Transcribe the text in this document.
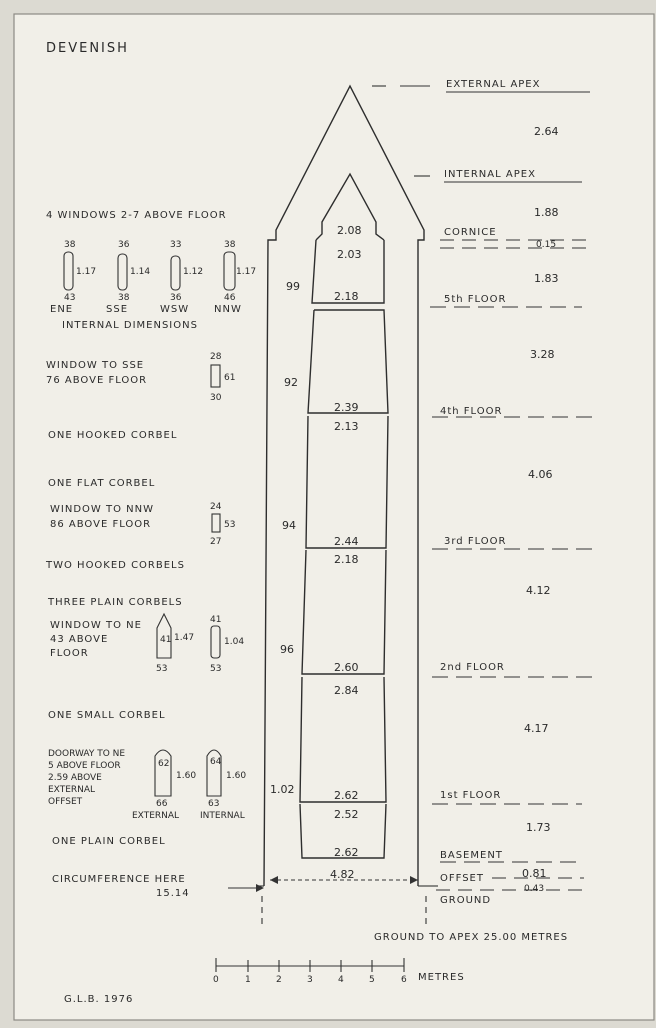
DEVENISH
2.08
2.03
2.18
2.39
2.13
2.44
2.18
2.60
2.84
2.62
2.52
2.62
4.82
99
92
94
96
1.02
EXTERNAL APEX
INTERNAL APEX
CORNICE
5th FLOOR
4th FLOOR
3rd FLOOR
2nd FLOOR
1st FLOOR
BASEMENT
OFFSET
GROUND
2.64
1.88
0.15
1.83
3.28
4.06
4.12
4.17
1.73
0.81
0.43
4 WINDOWS 2-7 ABOVE FLOOR
38
1.17
43
ENE
36
1.14
38
SSE
33
1.12
36
WSW
38
1.17
46
NNW
INTERNAL DIMENSIONS
WINDOW TO SSE
76 ABOVE FLOOR
28
61
30
ONE HOOKED CORBEL
ONE FLAT CORBEL
WINDOW TO NNW
86 ABOVE FLOOR
24
53
27
TWO HOOKED CORBELS
THREE PLAIN CORBELS
WINDOW TO NE
43 ABOVE
FLOOR
41 1.47
53
41
1.04
53
ONE SMALL CORBEL
DOORWAY TO NE
5 ABOVE FLOOR
2.59 ABOVE
EXTERNAL
OFFSET
62
1.60
66
64
1.60
63
EXTERNAL INTERNAL
ONE PLAIN CORBEL
CIRCUMFERENCE HERE
15.14
GROUND TO APEX 25.00 METRES
0	1	2	3	4	5	6 METRES
G.L.B. 1976
